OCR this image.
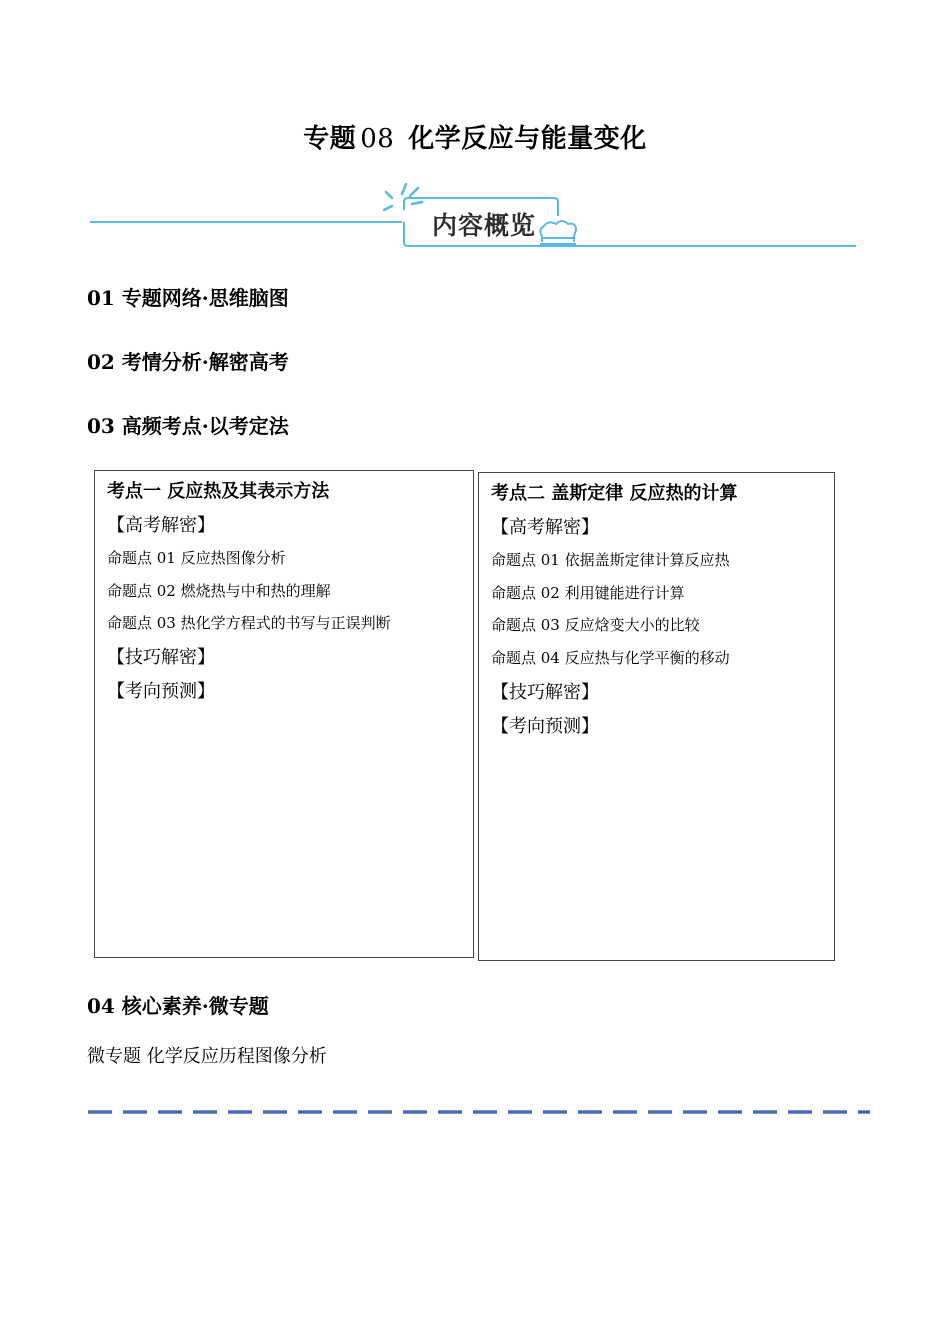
专题 08 化学反应与能量变化
内容概览
01 专题网络·思维脑图
02 考情分析·解密高考
03 高频考点·以考定法
考点一 反应热及其表示方法
【高考解密】
命题点 01 反应热图像分析
命题点 02 燃烧热与中和热的理解
命题点 03 热化学方程式的书写与正误判断
【技巧解密】
【考向预测】
考点二 盖斯定律 反应热的计算
【高考解密】
命题点 01 依据盖斯定律计算反应热
命题点 02 利用键能进行计算
命题点 03 反应焓变大小的比较
命题点 04 反应热与化学平衡的移动
【技巧解密】
【考向预测】
04 核心素养·微专题
微专题 化学反应历程图像分析
